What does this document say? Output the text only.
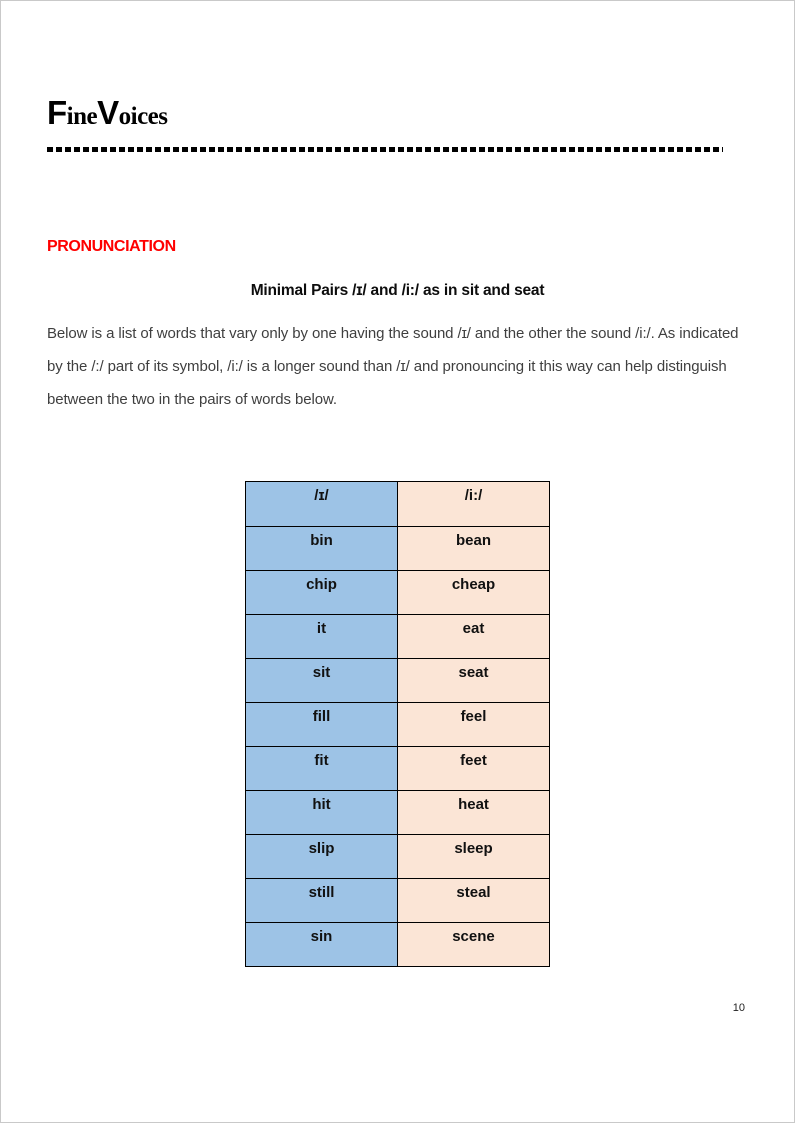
FineVoices
PRONUNCIATION
Minimal Pairs /ɪ/ and /i:/ as in sit and seat

Below is a list of words that vary only by one having the sound /ɪ/ and the other the sound /i:/. As indicated by the /:/ part of its symbol, /i:/ is a longer sound than /ɪ/ and pronouncing it this way can help distinguish between the two in the pairs of words below.

/ɪ/	/i:/
bin	bean
chip	cheap
it	eat
sit	seat
fill	feel
fit	feet
hit	heat
slip	sleep
still	steal
sin	scene
10
